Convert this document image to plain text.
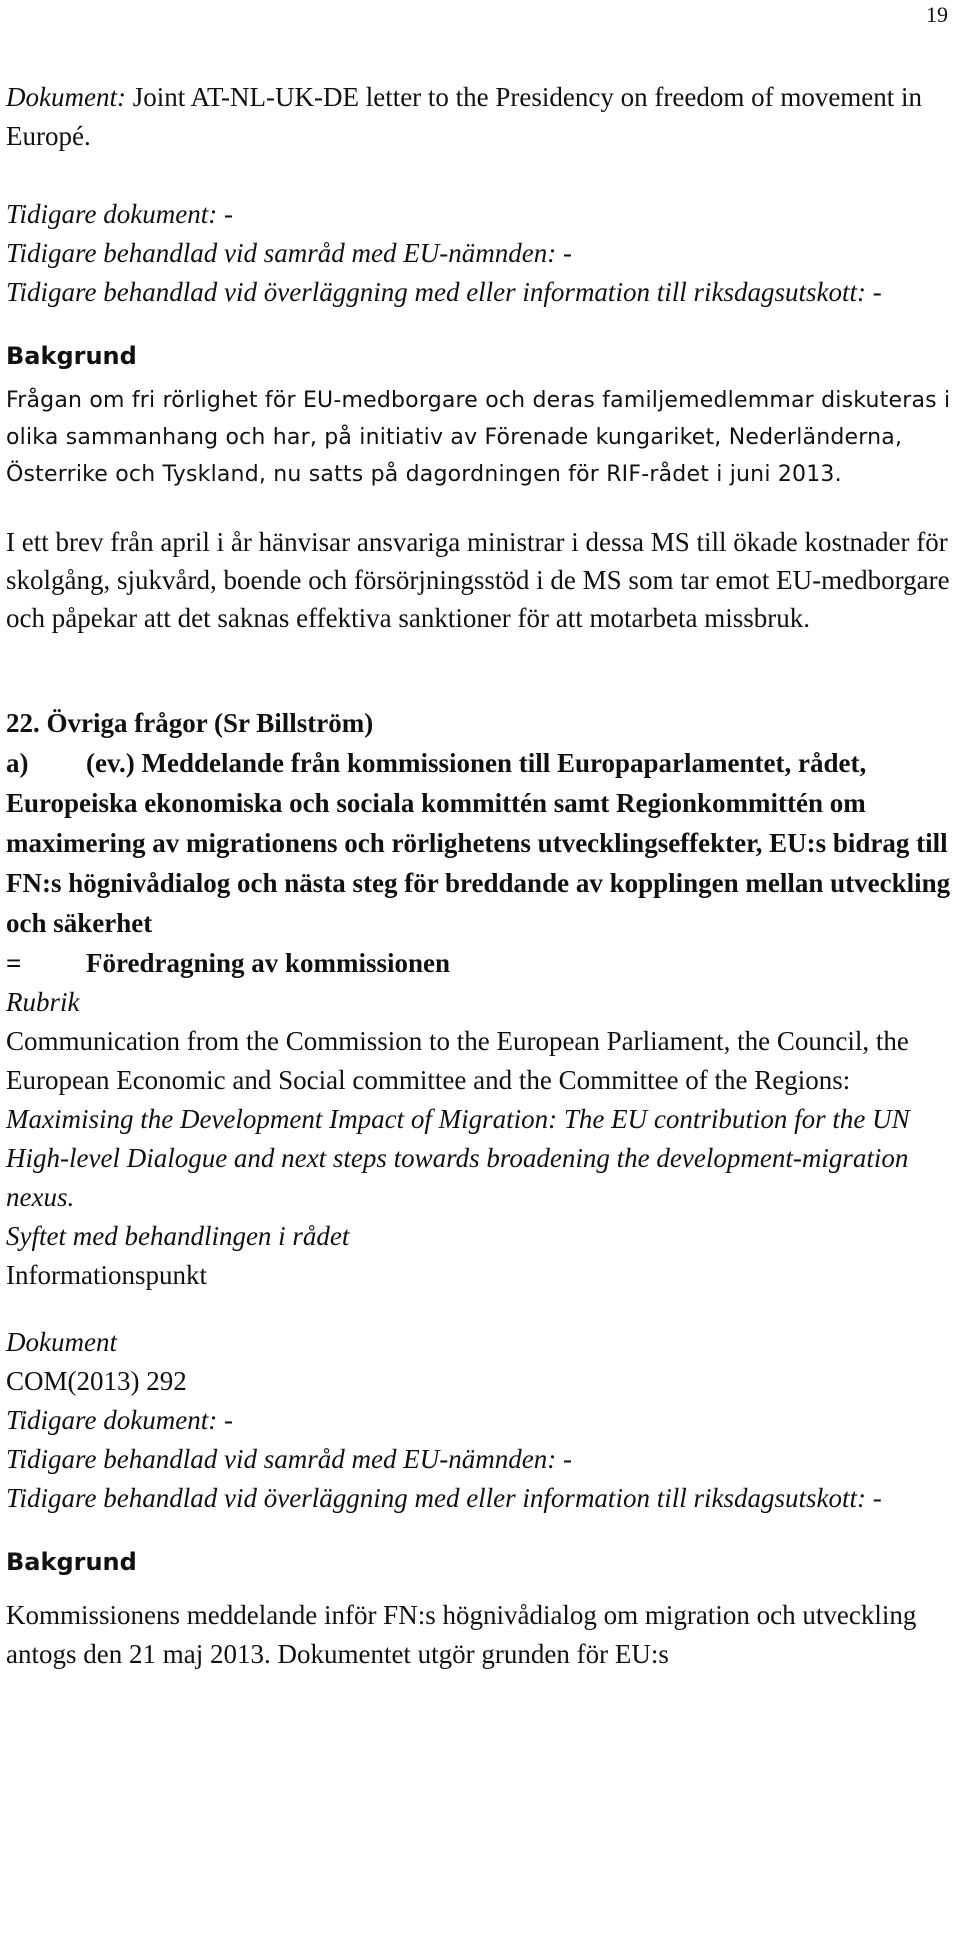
19

Dokument: Joint AT-NL-UK-DE letter to the Presidency on freedom of movement in Europé.

Tidigare dokument: -

Tidigare behandlad vid samråd med EU-nämnden: -

Tidigare behandlad vid överläggning med eller information till riksdagsutskott: -

Bakgrund

Frågan om fri rörlighet för EU-medborgare och deras familjemedlemmar diskuteras i olika sammanhang och har, på initiativ av Förenade kungariket, Nederländerna, Österrike och Tyskland, nu satts på dagordningen för RIF-rådet i juni 2013.

I ett brev från april i år hänvisar ansvariga ministrar i dessa MS till ökade kostnader för skolgång, sjukvård, boende och försörjningsstöd i de MS som tar emot EU-medborgare och påpekar att det saknas effektiva sanktioner för att motarbeta missbruk.

22. Övriga frågor (Sr Billström)

a) (ev.) Meddelande från kommissionen till Europaparlamentet, rådet, Europeiska ekonomiska och sociala kommittén samt Regionkommittén om maximering av migrationens och rörlighetens utvecklingseffekter, EU:s bidrag till FN:s högnivådialog och nästa steg för breddande av kopplingen mellan utveckling och säkerhet

= Föredragning av kommissionen

Rubrik

Communication from the Commission to the European Parliament, the Council, the European Economic and Social committee and the Committee of the Regions: Maximising the Development Impact of Migration: The EU contribution for the UN High-level Dialogue and next steps towards broadening the development-migration nexus.

Syftet med behandlingen i rådet

Informationspunkt

Dokument

COM(2013) 292

Tidigare dokument: -

Tidigare behandlad vid samråd med EU-nämnden: -

Tidigare behandlad vid överläggning med eller information till riksdagsutskott: -

Bakgrund

Kommissionens meddelande inför FN:s högnivådialog om migration och utveckling antogs den 21 maj 2013. Dokumentet utgör grunden för EU:s
